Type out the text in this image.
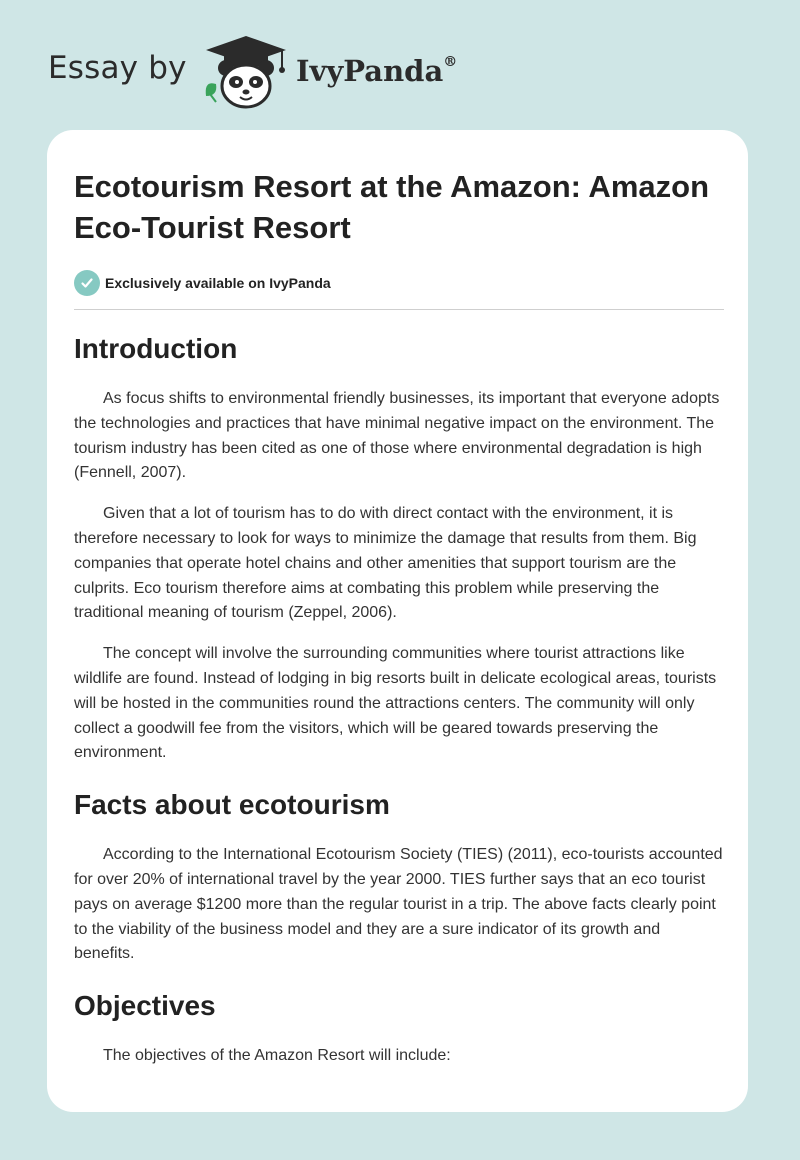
Essay by	IvyPanda®
Ecotourism Resort at the Amazon: Amazon Eco-Tourist Resort
Exclusively available on IvyPanda
Introduction

As focus shifts to environmental friendly businesses, its important that everyone adopts the technologies and practices that have minimal negative impact on the environment. The tourism industry has been cited as one of those where environmental degradation is high (Fennell, 2007).

Given that a lot of tourism has to do with direct contact with the environment, it is therefore necessary to look for ways to minimize the damage that results from them. Big companies that operate hotel chains and other amenities that support tourism are the culprits. Eco tourism therefore aims at combating this problem while preserving the traditional meaning of tourism (Zeppel, 2006).

The concept will involve the surrounding communities where tourist attractions like wildlife are found. Instead of lodging in big resorts built in delicate ecological areas, tourists will be hosted in the communities round the attractions centers. The community will only collect a goodwill fee from the visitors, which will be geared towards preserving the environment.

Facts about ecotourism

According to the International Ecotourism Society (TIES) (2011), eco-tourists accounted for over 20% of international travel by the year 2000. TIES further says that an eco tourist pays on average $1200 more than the regular tourist in a trip. The above facts clearly point to the viability of the business model and they are a sure indicator of its growth and benefits.

Objectives

The objectives of the Amazon Resort will include:
